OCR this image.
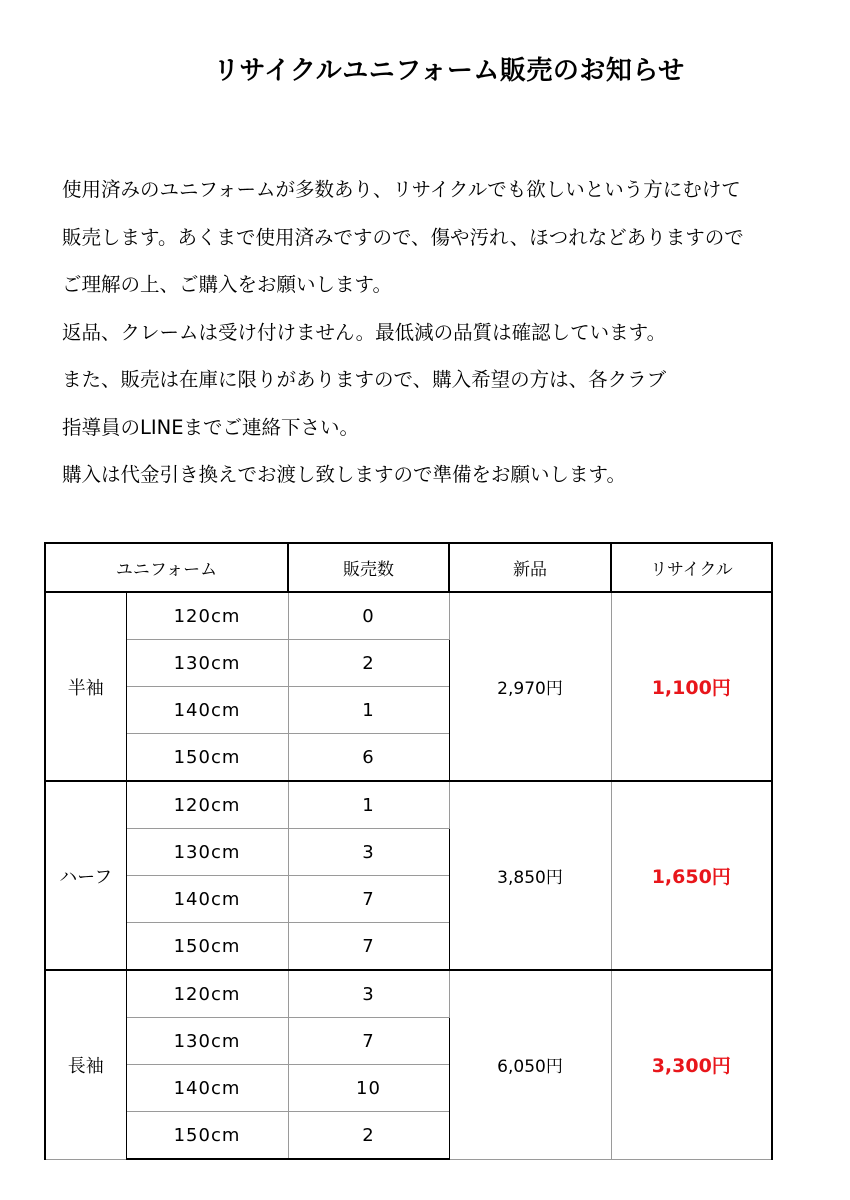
リサイクルユニフォーム販売のお知らせ
使用済みのユニフォームが多数あり、リサイクルでも欲しいという方にむけて
販売します。あくまで使用済みですので、傷や汚れ、ほつれなどありますので
ご理解の上、ご購入をお願いします。
返品、クレームは受け付けません。最低減の品質は確認しています。
また、販売は在庫に限りがありますので、購入希望の方は、各クラブ
指導員のLINEまでご連絡下さい。
購入は代金引き換えでお渡し致しますので準備をお願いします。
ユニフォーム		販売数	新品	リサイクル
半袖	120cm	0	2,970円	1,100円
	130cm	2		
	140cm	1		
	150cm	6		
ハーフ	120cm	1	3,850円	1,650円
	130cm	3		
	140cm	7		
	150cm	7		
長袖	120cm	3	6,050円	3,300円
	130cm	7		
	140cm	10		
	150cm	2		
